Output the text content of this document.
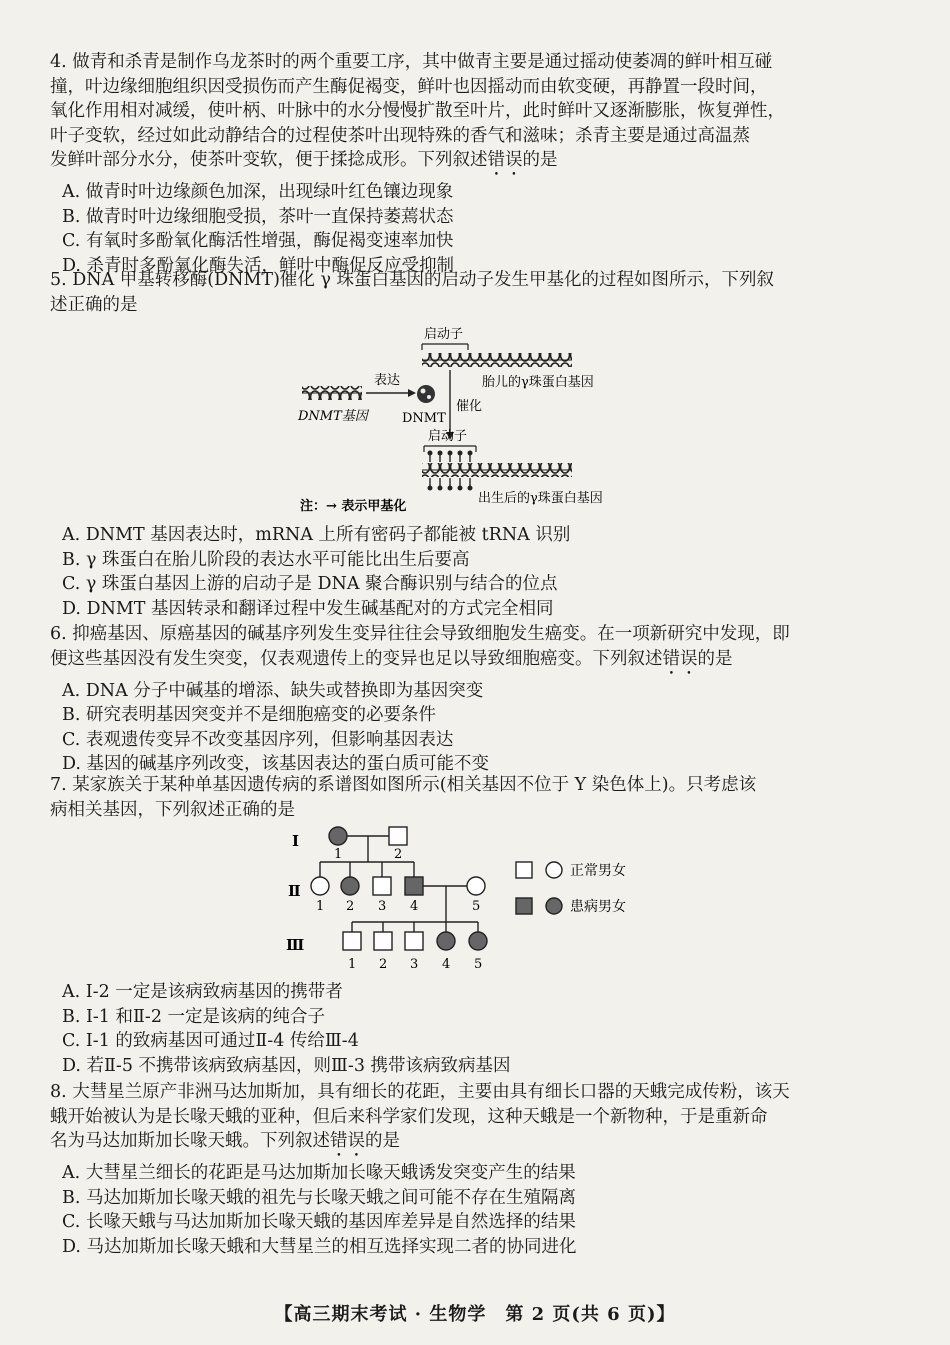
4. 做青和杀青是制作乌龙茶时的两个重要工序，其中做青主要是通过摇动使萎凋的鲜叶相互碰

撞，叶边缘细胞组织因受损伤而产生酶促褐变，鲜叶也因摇动而由软变硬，再静置一段时间，

氧化作用相对减缓，使叶柄、叶脉中的水分慢慢扩散至叶片，此时鲜叶又逐渐膨胀，恢复弹性，

叶子变软，经过如此动静结合的过程使茶叶出现特殊的香气和滋味；杀青主要是通过高温蒸

发鲜叶部分水分，使茶叶变软，便于揉捻成形。下列叙述错误的是

A. 做青时叶边缘颜色加深，出现绿叶红色镶边现象

B. 做青时叶边缘细胞受损，茶叶一直保持萎蔫状态

C. 有氧时多酚氧化酶活性增强，酶促褐变速率加快

D. 杀青时多酚氧化酶失活，鲜叶中酶促反应受抑制

5. DNA 甲基转移酶(DNMT)催化 γ 珠蛋白基因的启动子发生甲基化的过程如图所示，下列叙

述正确的是

启动子
胎儿的γ珠蛋白基因
DNMT基因
表达
DNMT
催化
启动子
出生后的γ珠蛋白基因
注：→ 表示甲基化

A. DNMT 基因表达时，mRNA 上所有密码子都能被 tRNA 识别

B. γ 珠蛋白在胎儿阶段的表达水平可能比出生后要高

C. γ 珠蛋白基因上游的启动子是 DNA 聚合酶识别与结合的位点

D. DNMT 基因转录和翻译过程中发生碱基配对的方式完全相同

6. 抑癌基因、原癌基因的碱基序列发生变异往往会导致细胞发生癌变。在一项新研究中发现，即

便这些基因没有发生突变，仅表观遗传上的变异也足以导致细胞癌变。下列叙述错误的是

A. DNA 分子中碱基的增添、缺失或替换即为基因突变

B. 研究表明基因突变并不是细胞癌变的必要条件

C. 表观遗传变异不改变基因序列，但影响基因表达

D. 基因的碱基序列改变，该基因表达的蛋白质可能不变

7. 某家族关于某种单基因遗传病的系谱图如图所示(相关基因不位于 Y 染色体上)。只考虑该

病相关基因，下列叙述正确的是

Ⅰ
Ⅱ
Ⅲ
1	2
1 2 3 4	5
1 2 3 4 5
正常男女
患病男女

A. Ⅰ-2 一定是该病致病基因的携带者

B. Ⅰ-1 和Ⅱ-2 一定是该病的纯合子

C. Ⅰ-1 的致病基因可通过Ⅱ-4 传给Ⅲ-4

D. 若Ⅱ-5 不携带该病致病基因，则Ⅲ-3 携带该病致病基因

8. 大彗星兰原产非洲马达加斯加，具有细长的花距，主要由具有细长口器的天蛾完成传粉，该天

蛾开始被认为是长喙天蛾的亚种，但后来科学家们发现，这种天蛾是一个新物种，于是重新命

名为马达加斯加长喙天蛾。下列叙述错误的是

A. 大彗星兰细长的花距是马达加斯加长喙天蛾诱发突变产生的结果

B. 马达加斯加长喙天蛾的祖先与长喙天蛾之间可能不存在生殖隔离

C. 长喙天蛾与马达加斯加长喙天蛾的基因库差异是自然选择的结果

D. 马达加斯加长喙天蛾和大彗星兰的相互选择实现二者的协同进化

【高三期末考试 · 生物学　第 2 页(共 6 页)】
